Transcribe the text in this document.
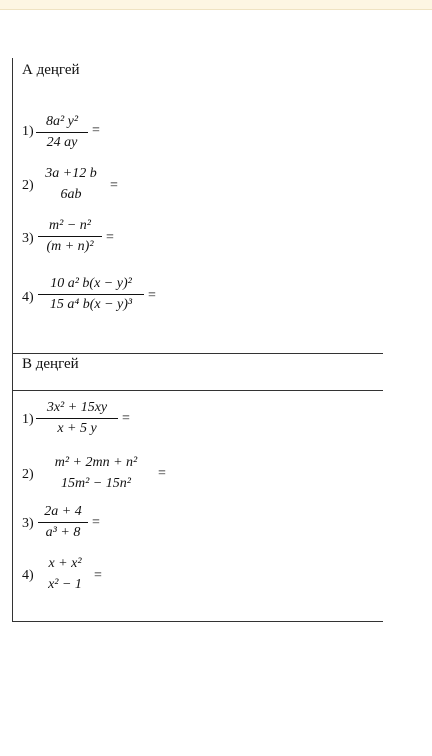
А деңгей
1)
8a² y²
24 ay
=
2)
3a +12 b
6ab
=
3)
m² − n²
(m + n)²
=
4)
10 a² b(x − y)²
15 a⁴ b(x − y)³
=
В деңгей
1)
3x² + 15xy
x + 5 y
=
2)
m² + 2mn + n²
15m² − 15n²
=
3)
2a + 4
a³ + 8
=
4)
x + x²
x² − 1
=
